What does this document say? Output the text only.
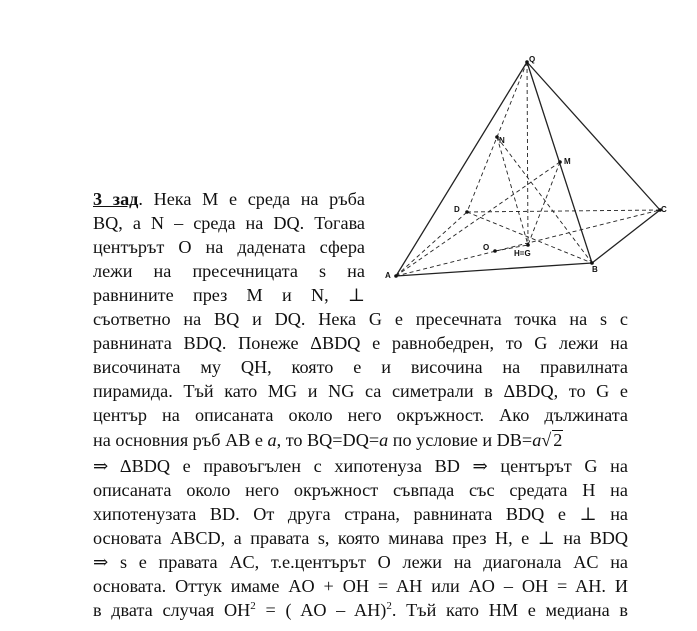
Q
N
M
D	C
O
H=G
A
B
3 зад. Нека M е среда на ръба
BQ, а N – среда на DQ. Тогава
центърът O на дадената сфера
лежи на пресечницата s на
равнините през M и N, ⊥
съответно на BQ и DQ. Нека G е пресечната точка на s с
равнината BDQ. Понеже ΔBDQ е равнобедрен, то G лежи на
височината му QH, която е и височина на правилната
пирамида. Тъй като MG и NG са симетрали в ΔBDQ, то G е
център на описаната около него окръжност. Ако дължината
на основния ръб AB е a, то BQ=DQ=a по условие и DB=a√ 2
⇒ ΔBDQ е правоъгълен с хипотенуза BD ⇒ центърът G на
описаната около него окръжност съвпада със средата H на
хипотенузата BD. От друга страна, равнината BDQ е ⊥ на
основата ABCD, а правата s, която минава през H, е ⊥ на BDQ
⇒ s е правата AC, т.е.центърът O лежи на диагонала AC на
основата. Оттук имаме AO + OH = AH или AO – OH = AH. И
в двата случая $OH^2$ = ( AO – AH)$^2$. Тъй като HM е медиана в
